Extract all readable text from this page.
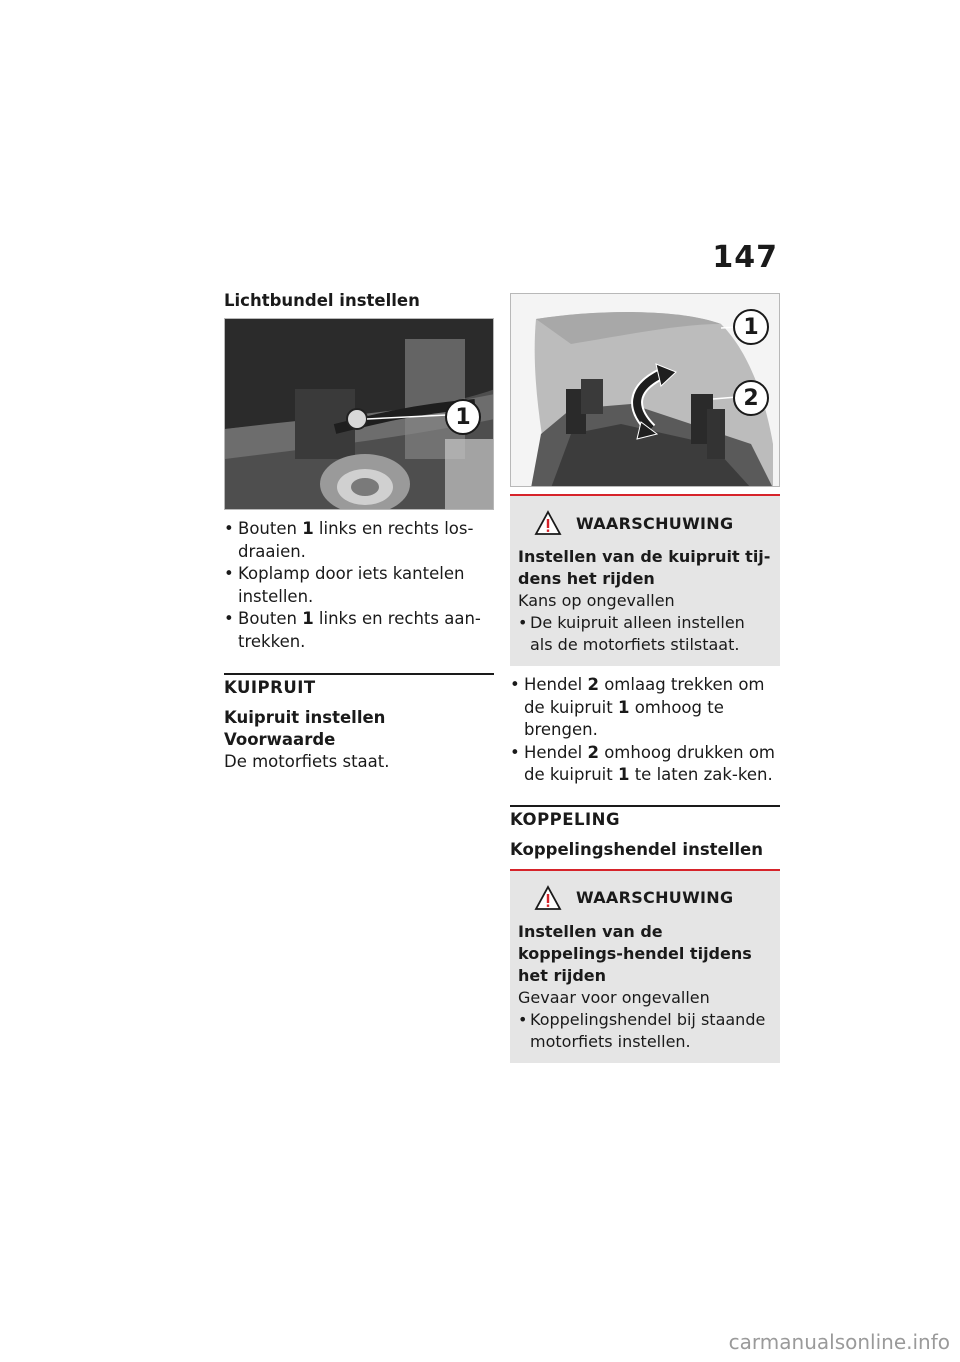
147
Lichtbundel instellen
1
• Bouten 1 links en rechts los-draaien.
• Koplamp door iets kantelen instellen.
• Bouten 1 links en rechts aan-trekken.
KUIPRUIT
Kuipruit instellen
Voorwaarde
De motorfiets staat.
1
2
WAARSCHUWING
Instellen van de kuipruit tij-dens het rijden
Kans op ongevallen
• De kuipruit alleen instellen als de motorfiets stilstaat.
• Hendel 2 omlaag trekken om de kuipruit 1 omhoog te brengen.
• Hendel 2 omhoog drukken om de kuipruit 1 te laten zak-ken.
KOPPELING
Koppelingshendel instellen
WAARSCHUWING
Instellen van de koppelings-hendel tijdens het rijden
Gevaar voor ongevallen
• Koppelingshendel bij staande motorfiets instellen.
carmanualsonline.info
